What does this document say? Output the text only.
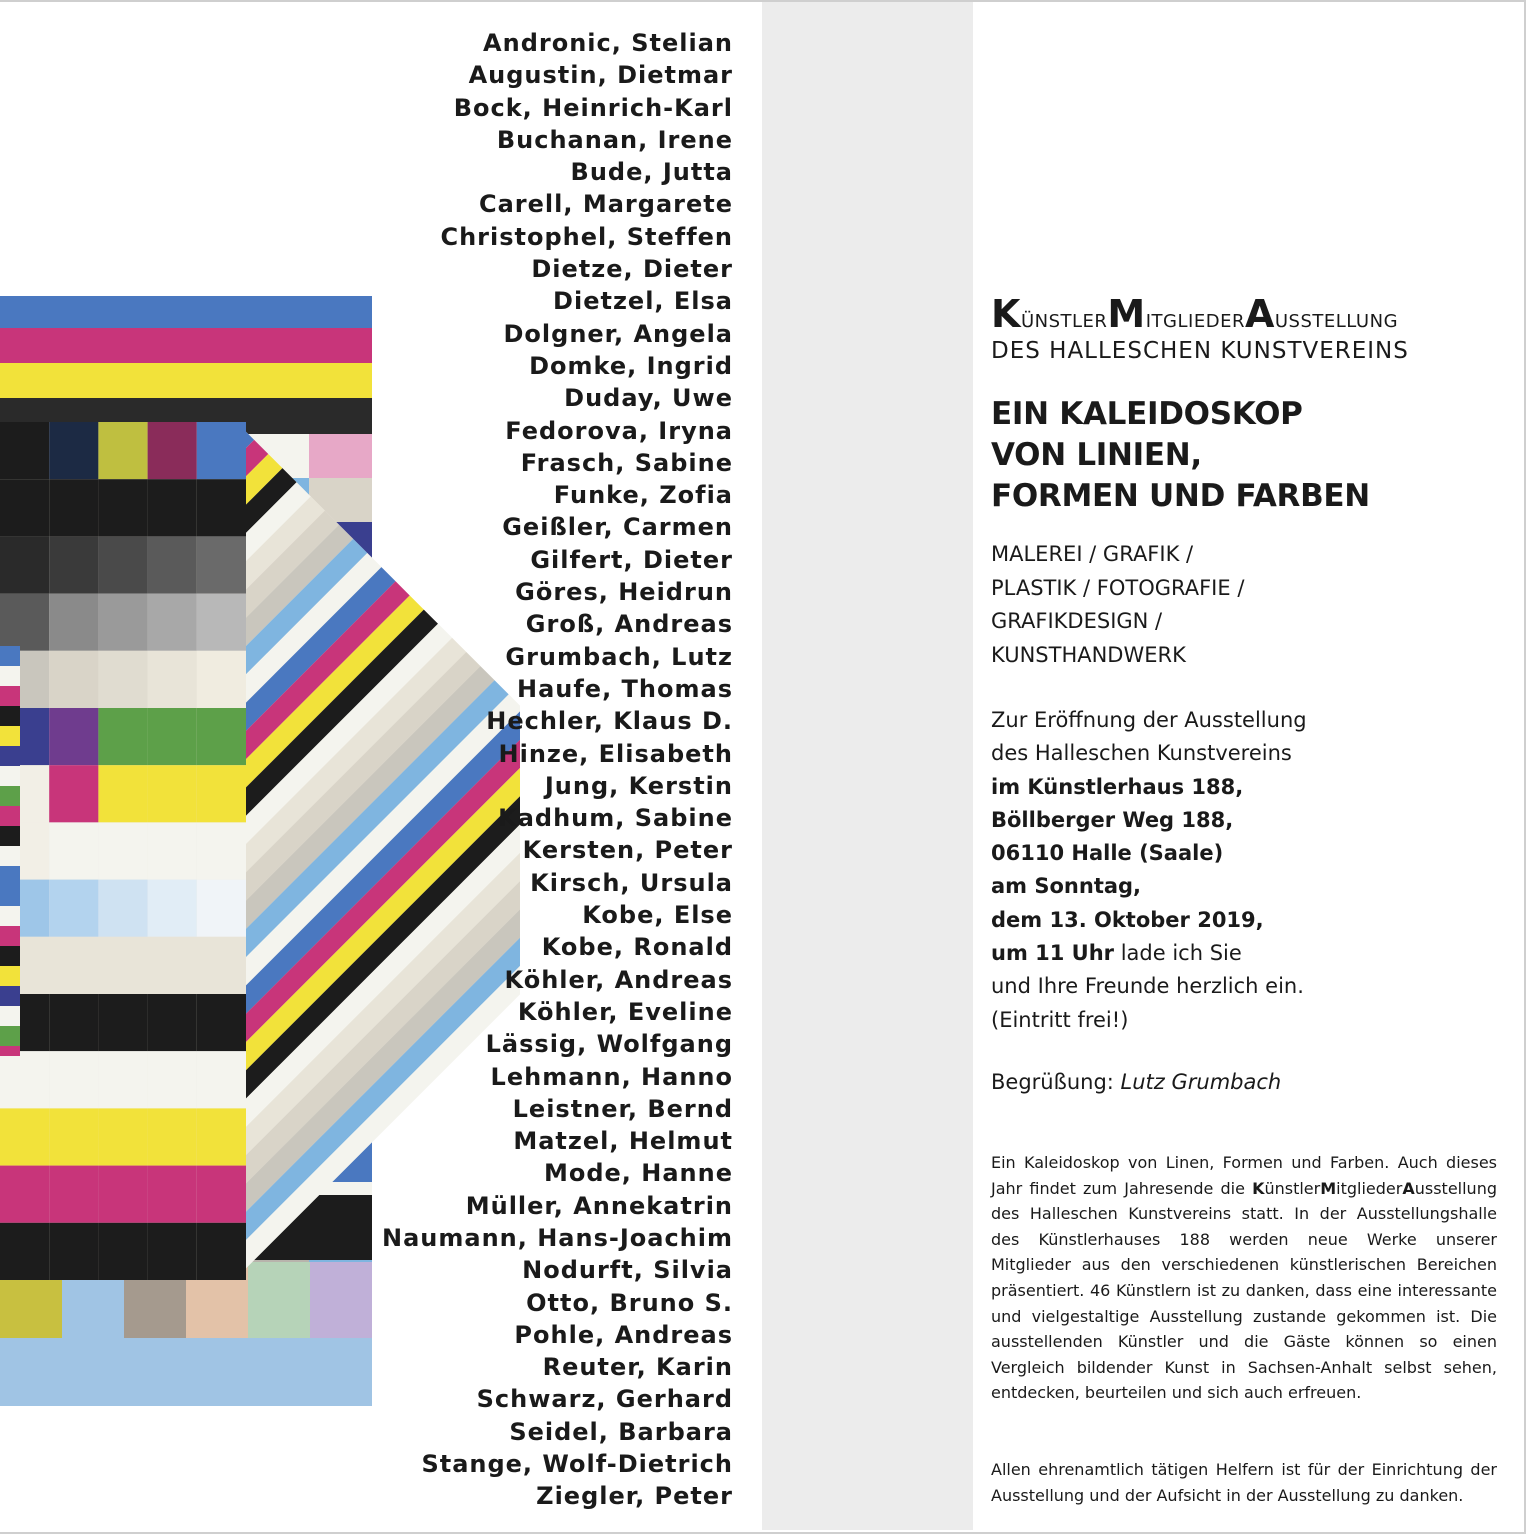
Andronic, Stelian
Augustin, Dietmar
Bock, Heinrich-Karl
Buchanan, Irene
Bude, Jutta
Carell, Margarete
Christophel, Steffen
Dietze, Dieter
Dietzel, Elsa
Dolgner, Angela
Domke, Ingrid
Duday, Uwe
Fedorova, Iryna
Frasch, Sabine
Funke, Zofia
Geißler, Carmen
Gilfert, Dieter
Göres, Heidrun
Groß, Andreas
Grumbach, Lutz
Haufe, Thomas
Hechler, Klaus D.
Hinze, Elisabeth
Jung, Kerstin
Kadhum, Sabine
Kersten, Peter
Kirsch, Ursula
Kobe, Else
Kobe, Ronald
Köhler, Andreas
Köhler, Eveline
Lässig, Wolfgang
Lehmann, Hanno
Leistner, Bernd
Matzel, Helmut
Mode, Hanne
Müller, Annekatrin
Naumann, Hans-Joachim
Nodurft, Silvia
Otto, Bruno S.
Pohle, Andreas
Reuter, Karin
Schwarz, Gerhard
Seidel, Barbara
Stange, Wolf-Dietrich
Ziegler, Peter
KünstlerMitgliederAusstellung
DES HALLESCHEN KUNSTVEREINS
EIN KALEIDOSKOP
VON LINIEN,
FORMEN UND FARBEN
MALEREI / GRAFIK /
PLASTIK / FOTOGRAFIE /
GRAFIKDESIGN /
KUNSTHANDWERK
Zur Eröffnung der Ausstellung
des Halleschen Kunstvereins
im Künstlerhaus 188,
Böllberger Weg 188,
06110 Halle (Saale)
am Sonntag,
dem 13. Oktober 2019,
um 11 Uhr lade ich Sie
und Ihre Freunde herzlich ein.
(Eintritt frei!)
Begrüßung: Lutz Grumbach
Ein Kaleidoskop von Linen, Formen und Farben. Auch dieses Jahr findet zum Jahresende die KünstlerMitgliederAusstellung des Halleschen Kunstvereins statt. In der Ausstellungshalle des Künstlerhauses 188 werden neue Werke unserer Mitglieder aus den verschiedenen künstlerischen Bereichen präsentiert. 46 Künstlern ist zu danken, dass eine interessante und vielgestaltige Ausstellung zustande gekommen ist. Die ausstellenden Künstler und die Gäste können so einen Vergleich bildender Kunst in Sachsen-Anhalt selbst sehen, entdecken, beurteilen und sich auch erfreuen.
Allen ehrenamtlich tätigen Helfern ist für der Einrichtung der Ausstellung und der Aufsicht in der Ausstellung zu danken.
